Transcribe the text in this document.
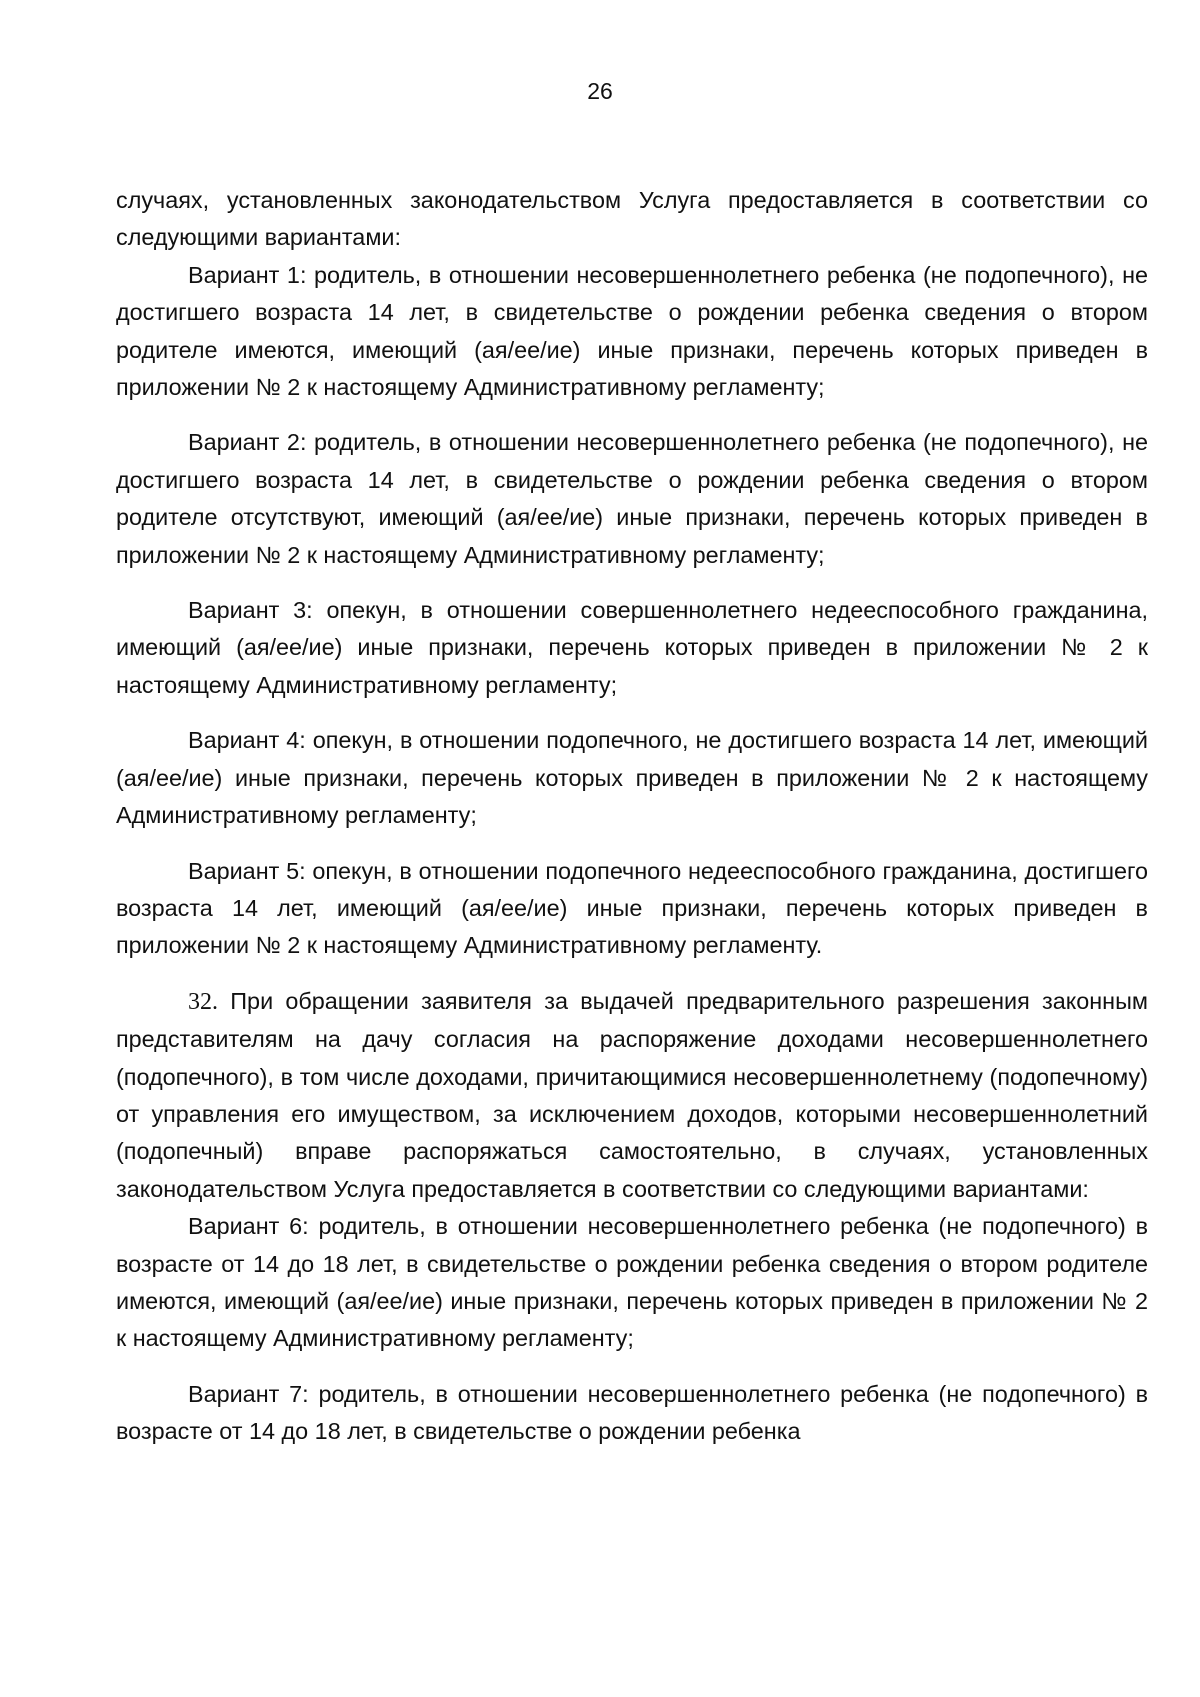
26

случаях, установленных законодательством Услуга предоставляется в соответствии со следующими вариантами:

Вариант 1: родитель, в отношении несовершеннолетнего ребенка (не подопечного), не достигшего возраста 14 лет, в свидетельстве о рождении ребенка сведения о втором родителе имеются, имеющий (ая/ее/ие) иные признаки, перечень которых приведен в приложении № 2 к настоящему Административному регламенту;

Вариант 2: родитель, в отношении несовершеннолетнего ребенка (не подопечного), не достигшего возраста 14 лет, в свидетельстве о рождении ребенка сведения о втором родителе отсутствуют, имеющий (ая/ее/ие) иные признаки, перечень которых приведен в приложении № 2 к настоящему Административному регламенту;

Вариант 3: опекун, в отношении совершеннолетнего недееспособного гражданина, имеющий (ая/ее/ие) иные признаки, перечень которых приведен в приложении № 2 к настоящему Административному регламенту;

Вариант 4: опекун, в отношении подопечного, не достигшего возраста 14 лет, имеющий (ая/ее/ие) иные признаки, перечень которых приведен в приложении № 2 к настоящему Административному регламенту;

Вариант 5: опекун, в отношении подопечного недееспособного гражданина, достигшего возраста 14 лет, имеющий (ая/ее/ие) иные признаки, перечень которых приведен в приложении № 2 к настоящему Административному регламенту.

32. При обращении заявителя за выдачей предварительного разрешения законным представителям на дачу согласия на распоряжение доходами несовершеннолетнего (подопечного), в том числе доходами, причитающимися несовершеннолетнему (подопечному) от управления его имуществом, за исключением доходов, которыми несовершеннолетний (подопечный) вправе распоряжаться самостоятельно, в случаях, установленных законодательством Услуга предоставляется в соответствии со следующими вариантами:

Вариант 6: родитель, в отношении несовершеннолетнего ребенка (не подопечного) в возрасте от 14 до 18 лет, в свидетельстве о рождении ребенка сведения о втором родителе имеются, имеющий (ая/ее/ие) иные признаки, перечень которых приведен в приложении № 2 к настоящему Административному регламенту;

Вариант 7: родитель, в отношении несовершеннолетнего ребенка (не подопечного) в возрасте от 14 до 18 лет, в свидетельстве о рождении ребенка
